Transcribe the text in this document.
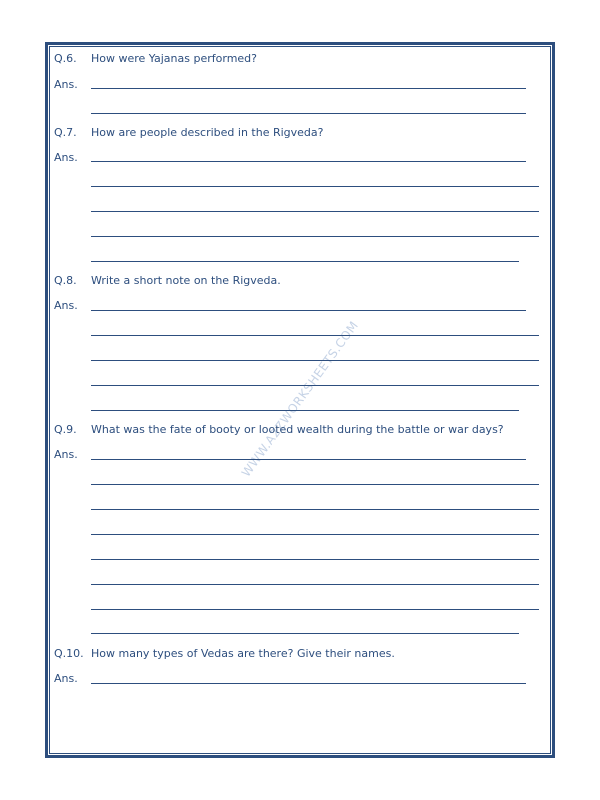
WWW.A2ZWORKSHEETS.COM
Q.6. How were Yajanas performed?
Ans.
Q.7. How are people described in the Rigveda?
Ans.
Q.8. Write a short note on the Rigveda.
Ans.
Q.9. What was the fate of booty or looted wealth during the battle or war days?
Ans.
Q.10. How many types of Vedas are there? Give their names.
Ans.
